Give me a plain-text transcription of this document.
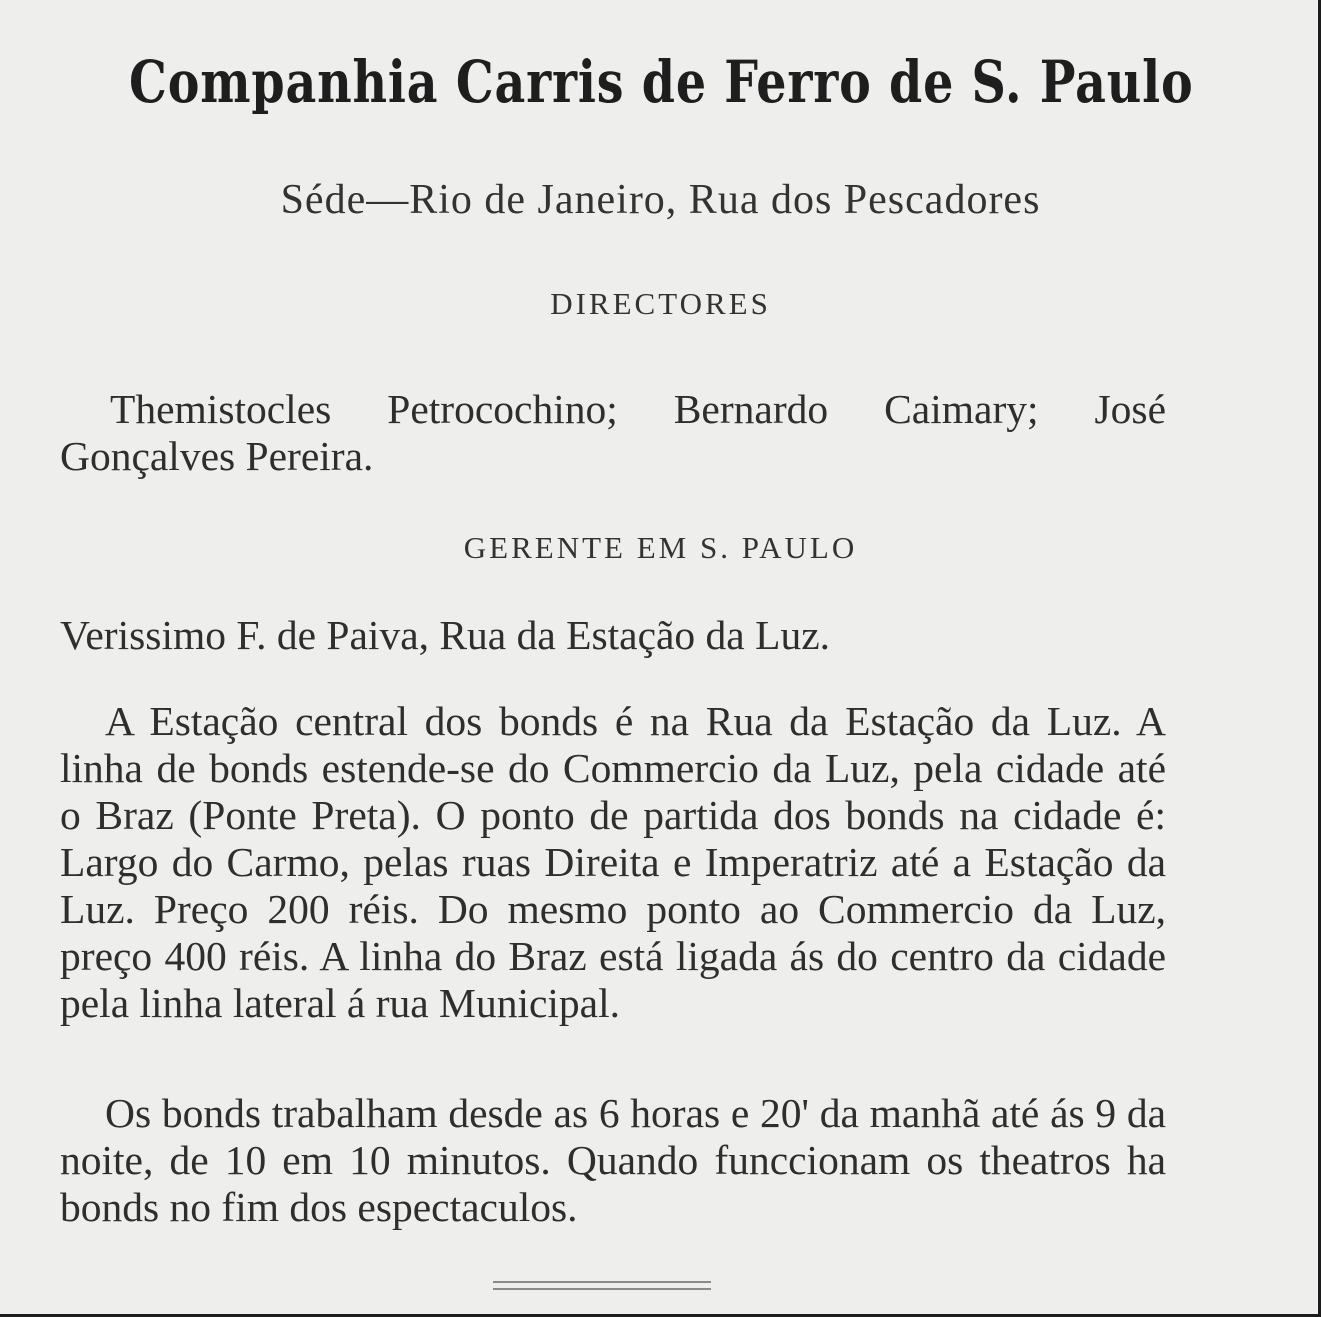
Companhia Carris de Ferro de S. Paulo
Séde—Rio de Janeiro, Rua dos Pescadores
DIRECTORES
Themistocles Petrocochino; Bernardo Caimary; José Gonçalves Pereira.
GERENTE EM S. PAULO
Verissimo F. de Paiva, Rua da Estação da Luz.
A Estação central dos bonds é na Rua da Estação da Luz. A linha de bonds estende-se do Commercio da Luz, pela cidade até o Braz (Ponte Preta). O ponto de partida dos bonds na cidade é: Largo do Carmo, pelas ruas Direita e Imperatriz até a Estação da Luz. Preço 200 réis. Do mesmo ponto ao Commercio da Luz, preço 400 réis. A linha do Braz está ligada ás do centro da cidade pela linha lateral á rua Municipal.
Os bonds trabalham desde as 6 horas e 20' da manhã até ás 9 da noite, de 10 em 10 minutos. Quando funccionam os theatros ha bonds no fim dos espectaculos.
